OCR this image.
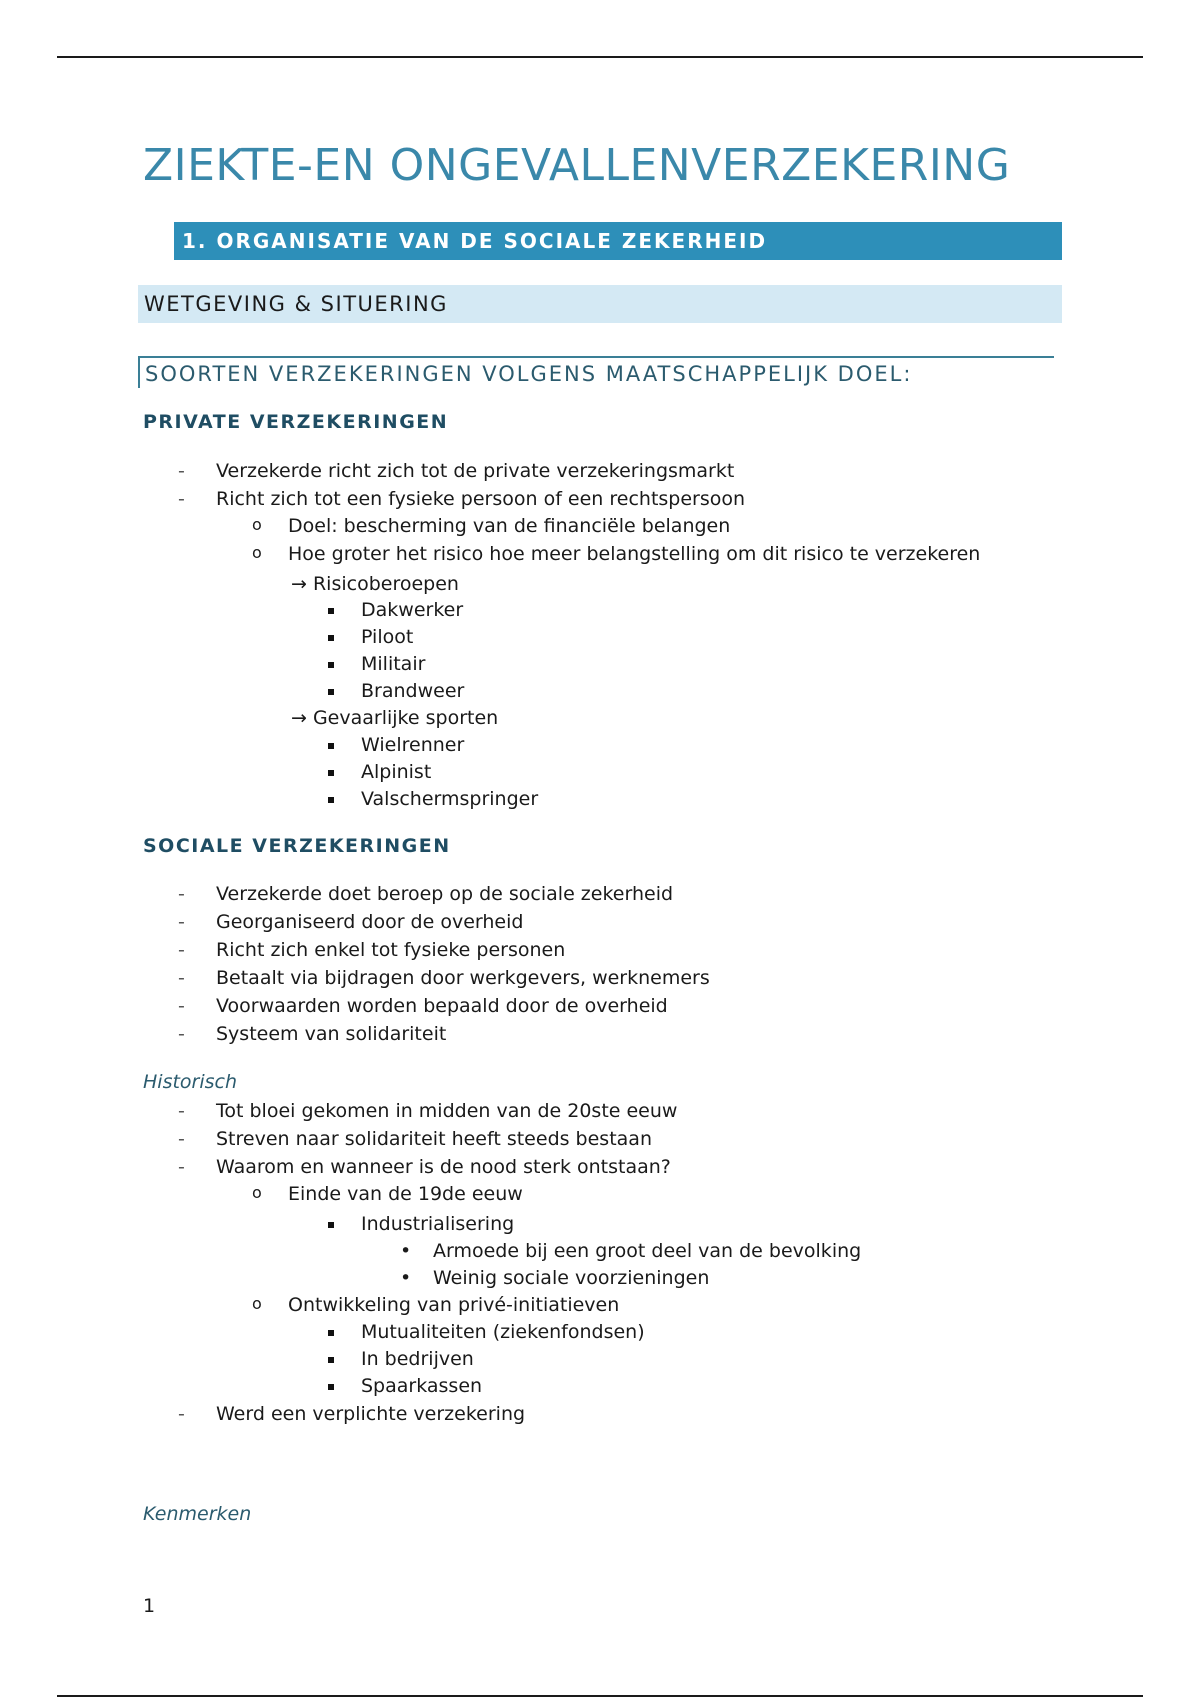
ZIEKTE-EN ONGEVALLENVERZEKERING
1. ORGANISATIE VAN DE SOCIALE ZEKERHEID
WETGEVING & SITUERING
SOORTEN VERZEKERINGEN VOLGENS MAATSCHAPPELIJK DOEL:
PRIVATE VERZEKERINGEN
- Verzekerde richt zich tot de private verzekeringsmarkt
- Richt zich tot een fysieke persoon of een rechtspersoon
o Doel: bescherming van de financiële belangen
o Hoe groter het risico hoe meer belangstelling om dit risico te verzekeren
→ Risicoberoepen
Dakwerker
Piloot
Militair
Brandweer
→ Gevaarlijke sporten
Wielrenner
Alpinist
Valschermspringer
SOCIALE VERZEKERINGEN
- Verzekerde doet beroep op de sociale zekerheid
- Georganiseerd door de overheid
- Richt zich enkel tot fysieke personen
- Betaalt via bijdragen door werkgevers, werknemers
- Voorwaarden worden bepaald door de overheid
- Systeem van solidariteit
Historisch
- Tot bloei gekomen in midden van de 20ste eeuw
- Streven naar solidariteit heeft steeds bestaan
- Waarom en wanneer is de nood sterk ontstaan?
o Einde van de 19de eeuw
Industrialisering
• Armoede bij een groot deel van de bevolking
• Weinig sociale voorzieningen
o Ontwikkeling van privé-initiatieven
Mutualiteiten (ziekenfondsen)
In bedrijven
Spaarkassen
- Werd een verplichte verzekering
Kenmerken
1
